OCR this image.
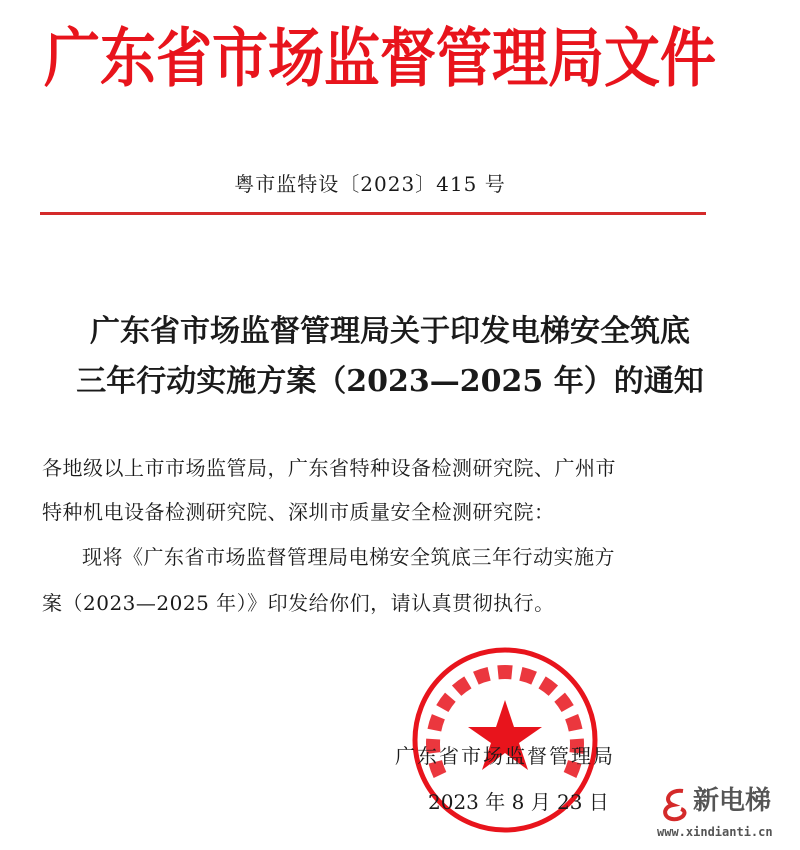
广东省市场监督管理局文件
粤市监特设〔2023〕415 号
广东省市场监督管理局关于印发电梯安全筑底
三年行动实施方案（2023—2025 年）的通知
各地级以上市市场监管局，广东省特种设备检测研究院、广州市
特种机电设备检测研究院、深圳市质量安全检测研究院：
现将《广东省市场监督管理局电梯安全筑底三年行动实施方
案（2023—2025 年）》印发给你们，请认真贯彻执行。
广东省市场监督管理局
2023 年 8 月 23 日	新电梯
www.xindianti.cn
